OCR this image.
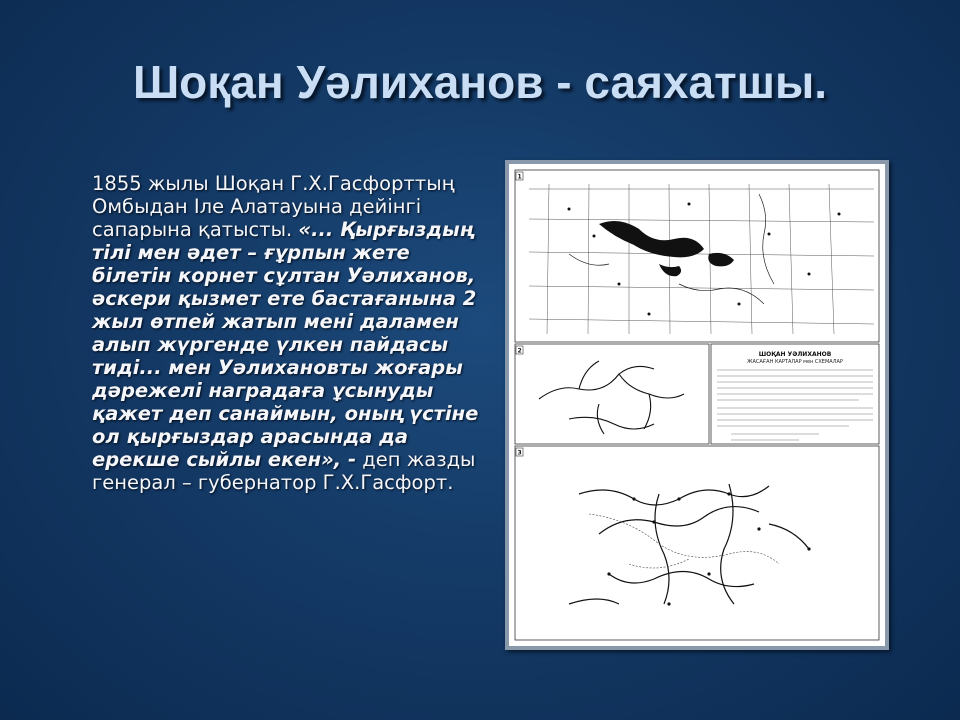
Шоқан Уәлиханов - саяхатшы.
1855 жылы Шоқан Г.Х.Гасфорттың Омбыдан Іле Алатауына дейінгі сапарына қатысты. «... Қырғыздың тілі мен әдет – ғұрпын жете білетін корнет сұлтан Уәлиханов, әскери қызмет ете бастағанына 2 жыл өтпей жатып мені даламен алып жүргенде үлкен пайдасы тиді... мен Уәлихановты жоғары дәрежелі наградаға ұсынуды қажет деп санаймын, оның үстіне ол қырғыздар арасында да ерекше сыйлы екен», - деп жазды генерал – губернатор Г.Х.Гасфорт.
1
2	ШОҚАН УӘЛИХАНОВ
ЖАСАҒАН КАРТАЛАР мен СХЕМАЛАР
3
